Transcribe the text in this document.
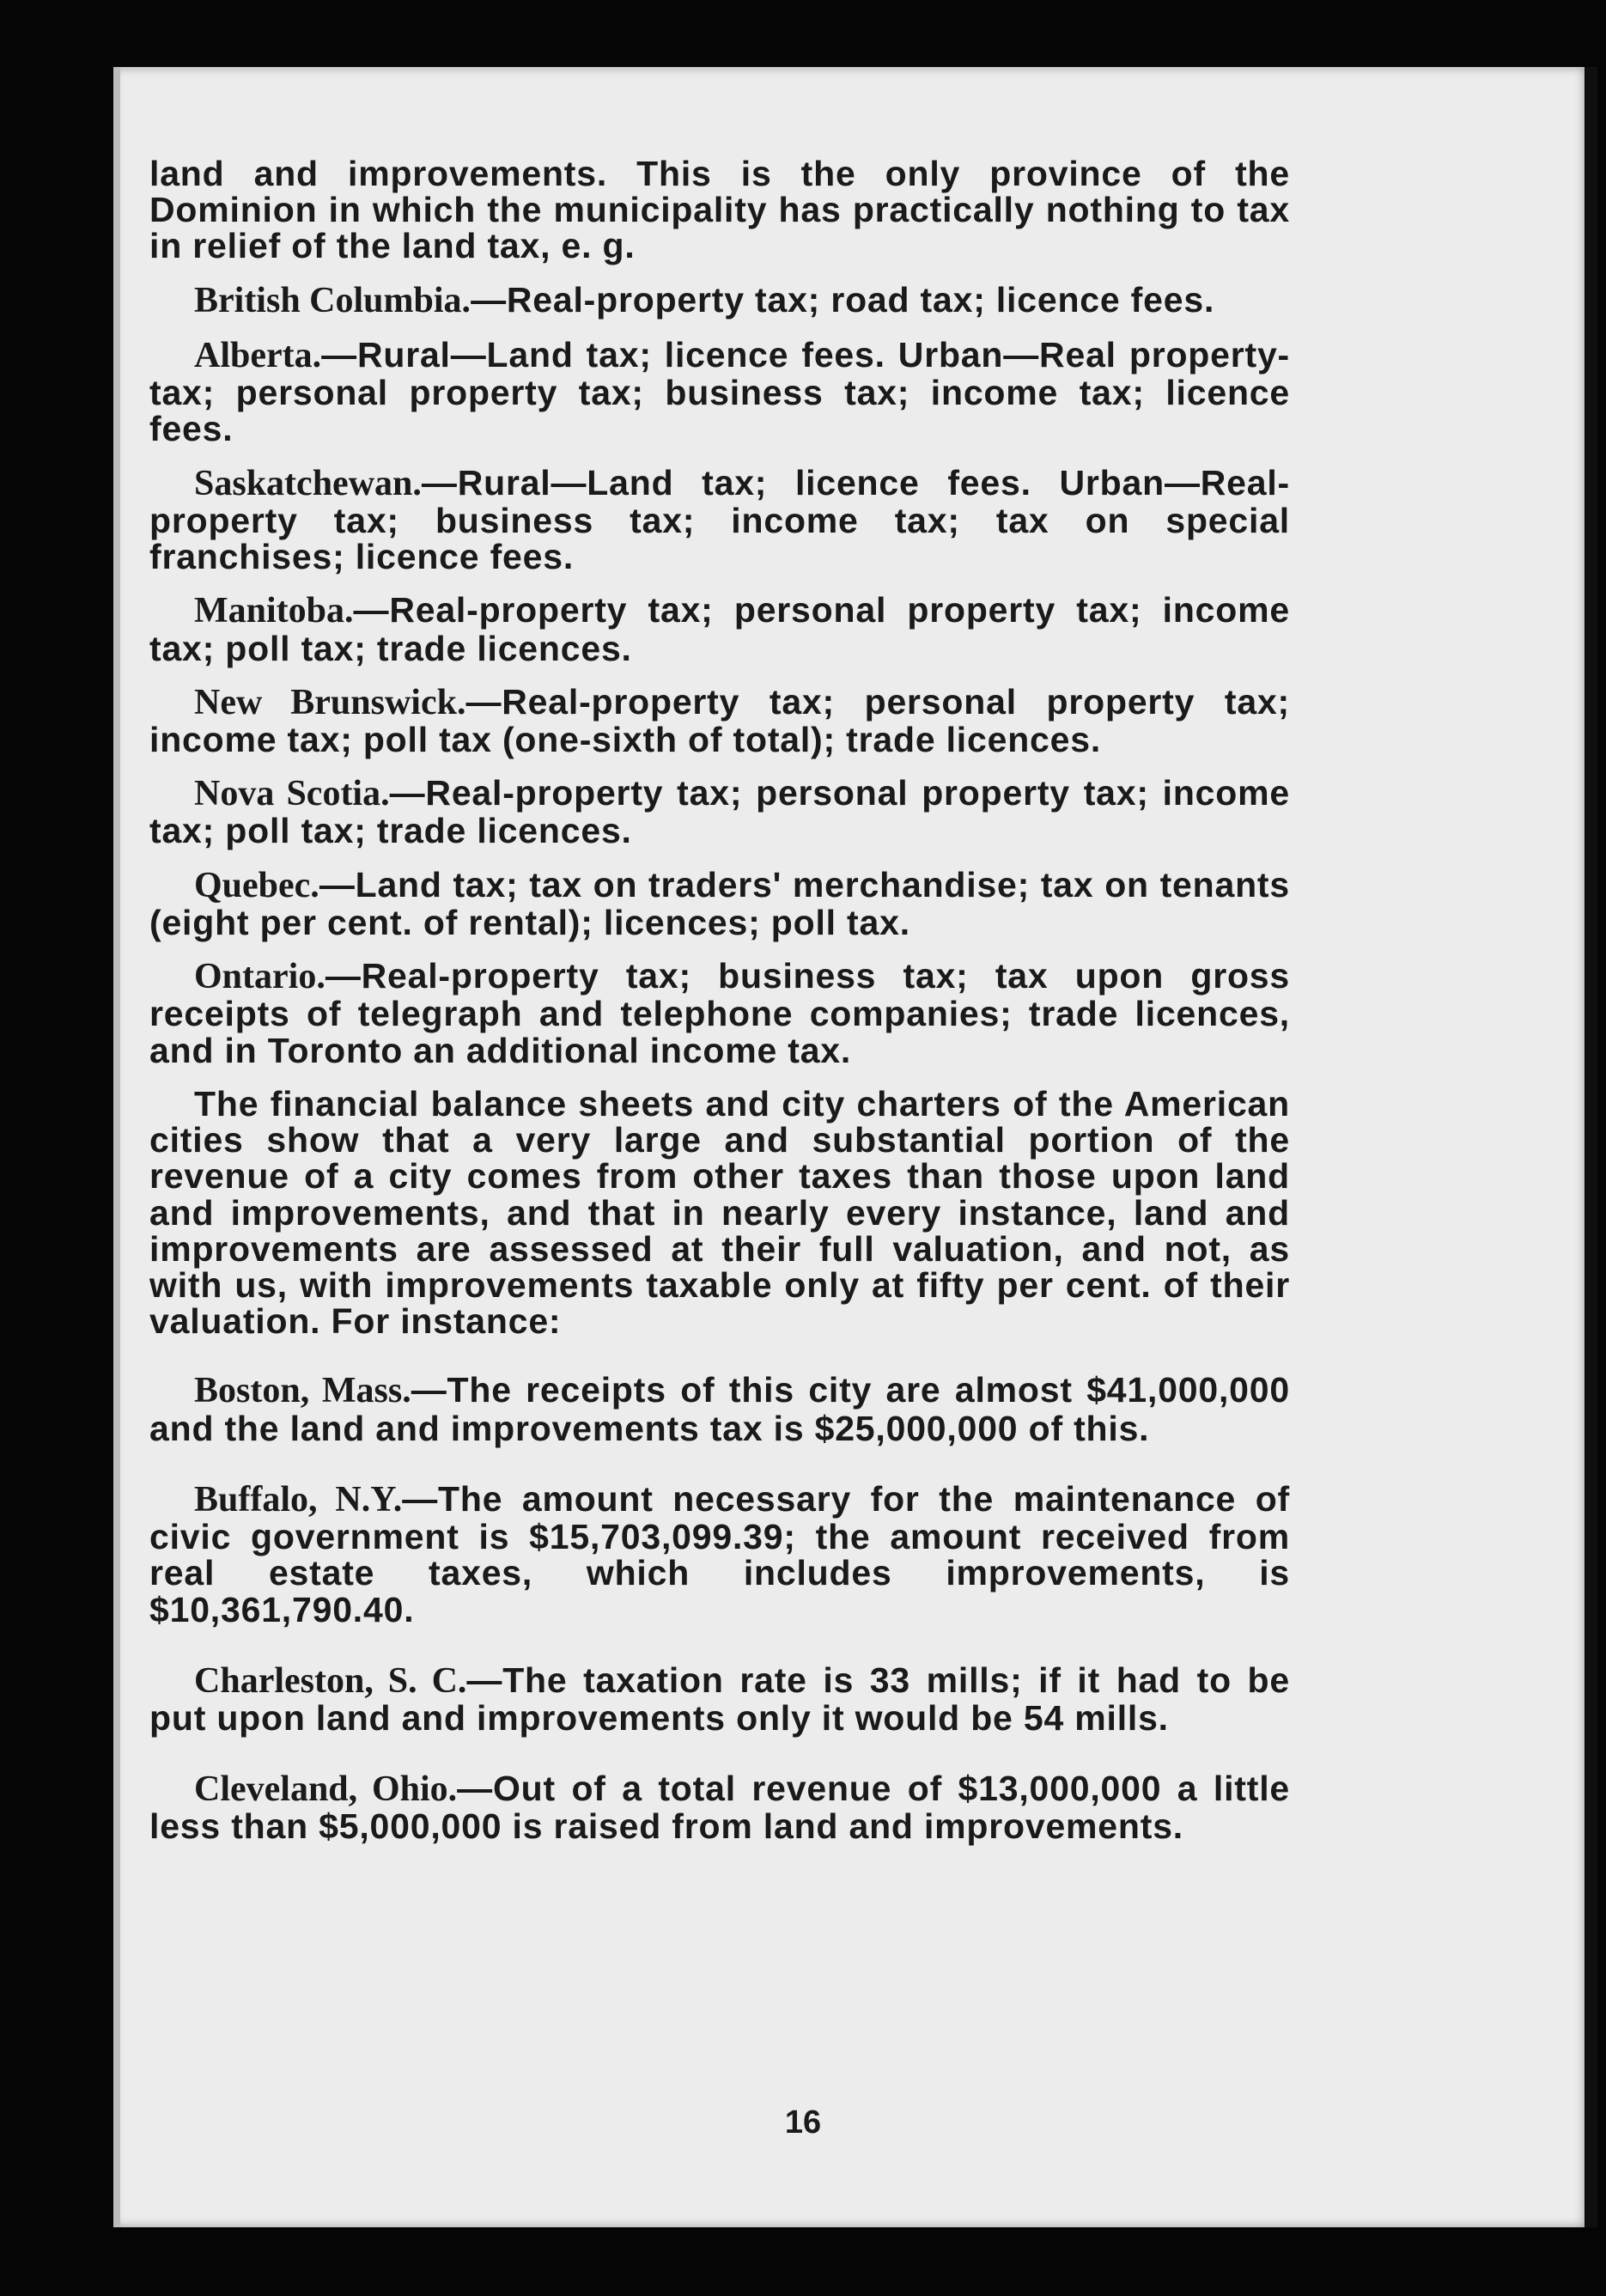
land and improvements. This is the only province of the Dominion in which the municipality has practically nothing to tax in relief of the land tax, e. g.

British Columbia.—Real-property tax; road tax; licence fees.

Alberta.—Rural—Land tax; licence fees. Urban—Real property- tax; personal property tax; business tax; income tax; licence fees.

Saskatchewan.—Rural—Land tax; licence fees. Urban—Real-property tax; business tax; income tax; tax on special franchises; licence fees.

Manitoba.—Real-property tax; personal property tax; income tax; poll tax; trade licences.

New Brunswick.—Real-property tax; personal property tax; income tax; poll tax (one-sixth of total); trade licences.

Nova Scotia.—Real-property tax; personal property tax; income tax; poll tax; trade licences.

Quebec.—Land tax; tax on traders' merchandise; tax on tenants (eight per cent. of rental); licences; poll tax.

Ontario.—Real-property tax; business tax; tax upon gross receipts of telegraph and telephone companies; trade licences, and in Toronto an additional income tax.

The financial balance sheets and city charters of the American cities show that a very large and substantial portion of the revenue of a city comes from other taxes than those upon land and improvements, and that in nearly every instance, land and improvements are assessed at their full valuation, and not, as with us, with improvements taxable only at fifty per cent. of their valuation. For instance:

Boston, Mass.—The receipts of this city are almost $41,000,000 and the land and improvements tax is $25,000,000 of this.

Buffalo, N.Y.—The amount necessary for the maintenance of civic government is $15,703,099.39; the amount received from real estate taxes, which includes improvements, is $10,361,790.40.

Charleston, S. C.—The taxation rate is 33 mills; if it had to be put upon land and improvements only it would be 54 mills.

Cleveland, Ohio.—Out of a total revenue of $13,000,000 a little less than $5,000,000 is raised from land and improvements.

16
